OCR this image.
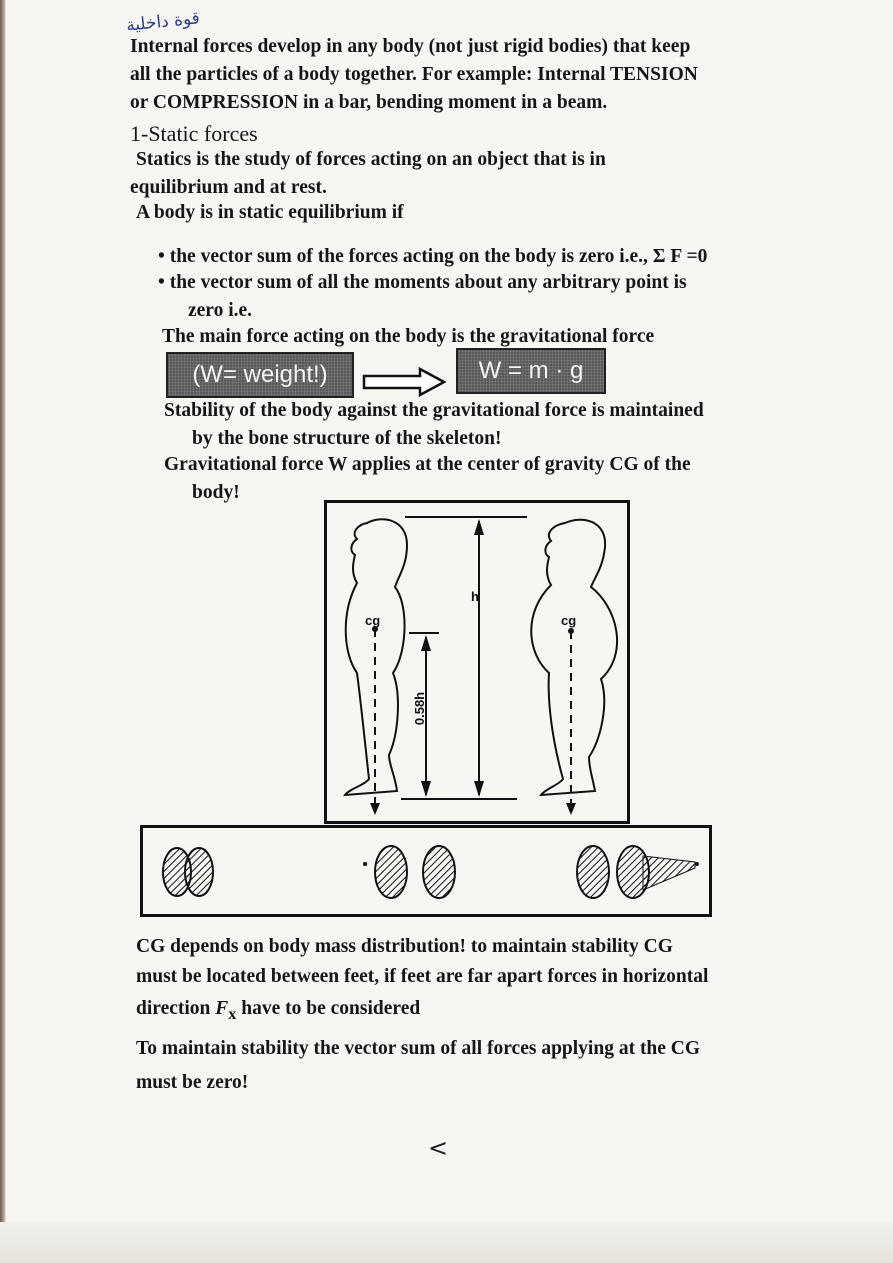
قوة داخلية

Internal forces develop in any body (not just rigid bodies) that keep

all the particles of a body together. For example: Internal TENSION

or COMPRESSION in a bar, bending moment in a beam.

1-Static forces

Statics is the study of forces acting on an object that is in

equilibrium and at rest.

A body is in static equilibrium if

• the vector sum of the forces acting on the body is zero i.e., Σ F =0

• the vector sum of all the moments about any arbitrary point is

zero i.e.

The main force acting on the body is the gravitational force

(W= weight!)	W = m · g

Stability of the body against the gravitational force is maintained

by the bone structure of the skeleton!

Gravitational force W applies at the center of gravity CG of the

body!

cg	cg
h
0.58h

CG depends on body mass distribution! to maintain stability CG

must be located between feet, if feet are far apart forces in horizontal

direction $F_x$ have to be considered

To maintain stability the vector sum of all forces applying at the CG

must be zero!

<
